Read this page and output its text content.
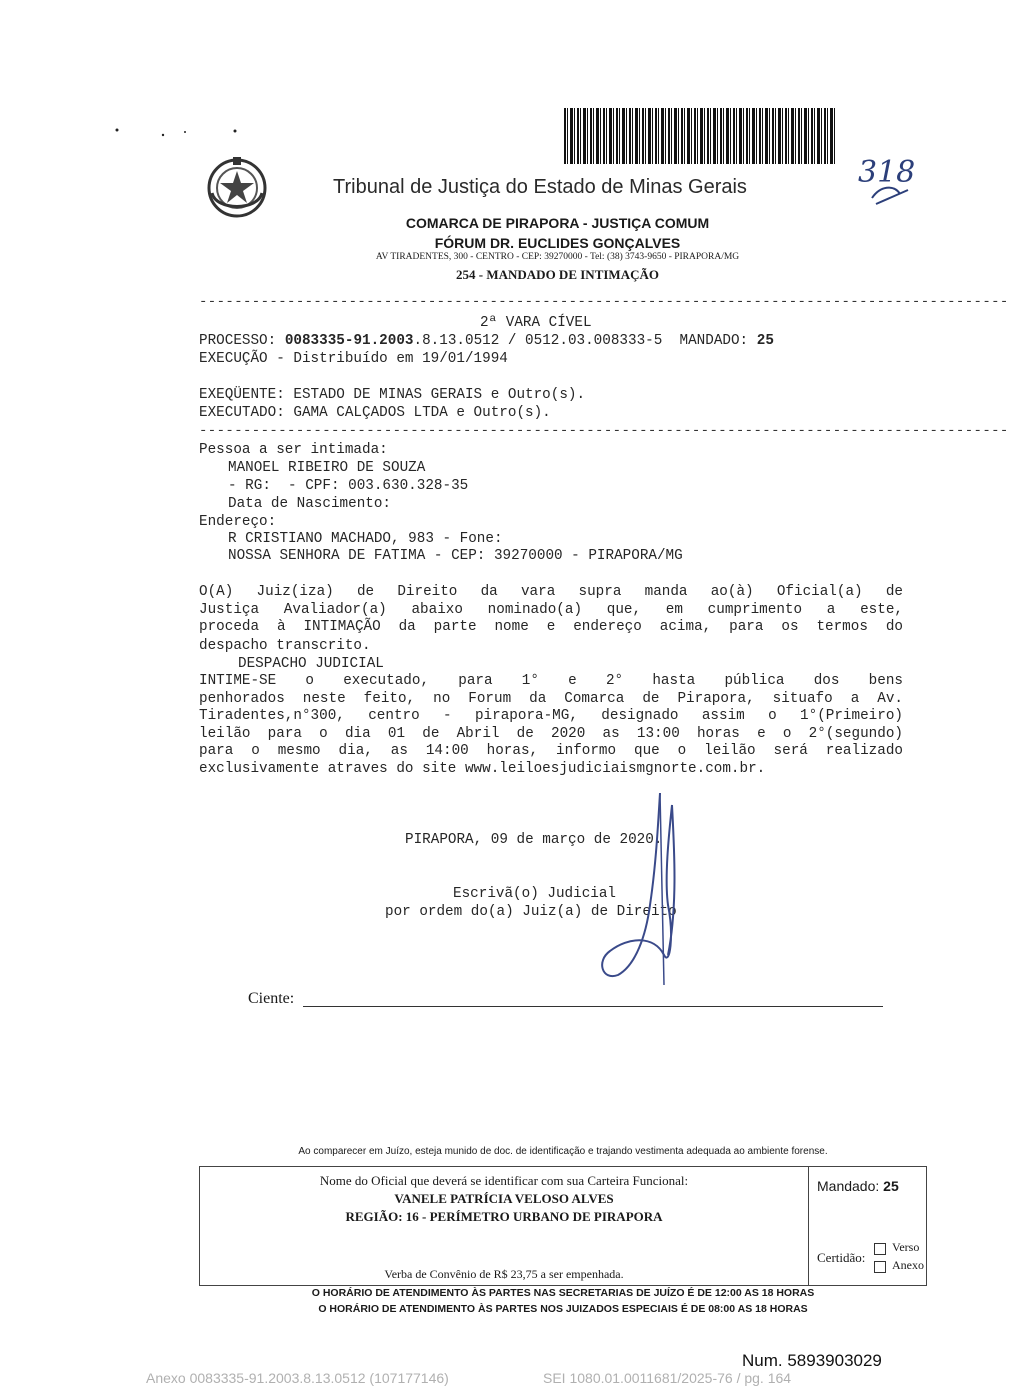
318
Tribunal de Justiça do Estado de Minas Gerais
COMARCA DE PIRAPORA - JUSTIÇA COMUM
FÓRUM DR. EUCLIDES GONÇALVES
AV TIRADENTES, 300 - CENTRO - CEP: 39270000 - Tel: (38) 3743-9650 - PIRAPORA/MG
254 - MANDADO DE INTIMAÇÃO
--------------------------------------------------------------------------------------------
2ª VARA CÍVEL
PROCESSO: 0083335-91.2003.8.13.0512 / 0512.03.008333-5 MANDADO: 25
EXECUÇÃO - Distribuído em 19/01/1994
EXEQÜENTE: ESTADO DE MINAS GERAIS e Outro(s).
EXECUTADO: GAMA CALÇADOS LTDA e Outro(s).
--------------------------------------------------------------------------------------------
Pessoa a ser intimada:
MANOEL RIBEIRO DE SOUZA
- RG:  - CPF: 003.630.328-35
Data de Nascimento:
Endereço:
R CRISTIANO MACHADO, 983 - Fone:
NOSSA SENHORA DE FATIMA - CEP: 39270000 - PIRAPORA/MG
O(A) Juiz(iza) de Direito da vara supra manda ao(à) Oficial(a) de
Justiça Avaliador(a) abaixo nominado(a) que, em cumprimento a este,
proceda à INTIMAÇÃO da parte nome e endereço acima, para os termos do
despacho transcrito.
DESPACHO JUDICIAL
INTIME-SE o executado, para 1° e 2° hasta pública dos bens
penhorados neste feito, no Forum da Comarca de Pirapora, situafo a Av.
Tiradentes,n°300, centro - pirapora-MG, designado assim o 1°(Primeiro)
leilão para o dia 01 de Abril de 2020 as 13:00 horas e o 2°(segundo)
para o mesmo dia, as 14:00 horas, informo que o leilão será realizado
exclusivamente atraves do site www.leiloesjudiciaismgnorte.com.br.
PIRAPORA, 09 de março de 2020.
Escrivã(o) Judicial
por ordem do(a) Juiz(a) de Direito
Ciente:
Ao comparecer em Juízo, esteja munido de doc. de identificação e trajando vestimenta adequada ao ambiente forense.
Nome do Oficial que deverá se identificar com sua Carteira Funcional:
VANELE PATRÍCIA VELOSO ALVES
REGIÃO: 16 - PERÍMETRO URBANO DE PIRAPORA
Verba de Convênio de R$ 23,75 a ser empenhada.
Mandado: 25
Certidão:
Verso
Anexo
O HORÁRIO DE ATENDIMENTO ÀS PARTES NAS SECRETARIAS DE JUÍZO É DE 12:00 AS 18 HORAS
O HORÁRIO DE ATENDIMENTO ÀS PARTES NOS JUIZADOS ESPECIAIS É DE 08:00 AS 18 HORAS
Num. 5893903029
Anexo 0083335-91.2003.8.13.0512 (107177146)	SEI 1080.01.0011681/2025-76 / pg. 164
